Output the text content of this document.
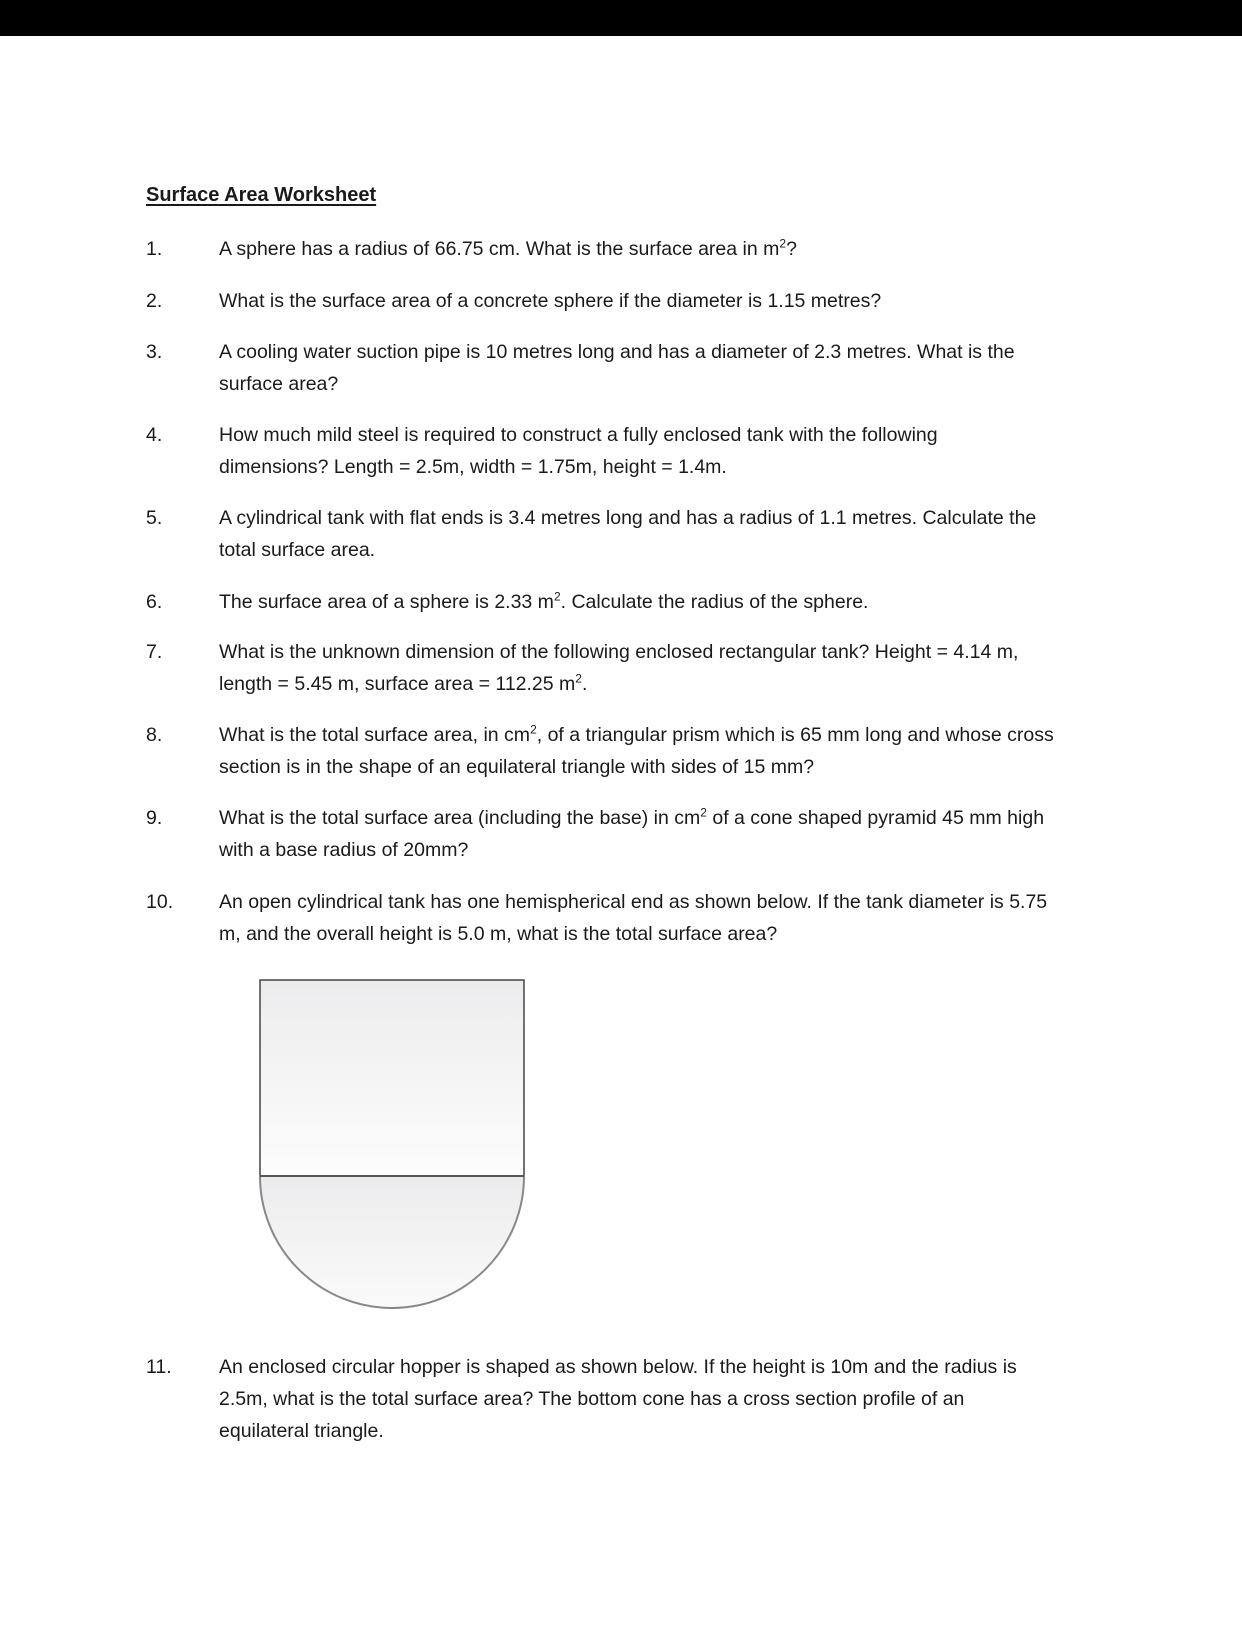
Surface Area Worksheet
1.	A sphere has a radius of 66.75 cm. What is the surface area in $m^2$?
2.	What is the surface area of a concrete sphere if the diameter is 1.15 metres?
3.	A cooling water suction pipe is 10 metres long and has a diameter of 2.3 metres. What is the
surface area?
4.	How much mild steel is required to construct a fully enclosed tank with the following
dimensions? Length = 2.5m, width = 1.75m, height = 1.4m.
5.	A cylindrical tank with flat ends is 3.4 metres long and has a radius of 1.1 metres. Calculate the
total surface area.
6.	The surface area of a sphere is 2.33 $m^2$. Calculate the radius of the sphere.
7.	What is the unknown dimension of the following enclosed rectangular tank? Height = 4.14 m,
length = 5.45 m, surface area = 112.25 $m^2$.
8.	What is the total surface area, in $cm^2$, of a triangular prism which is 65 mm long and whose cross
section is in the shape of an equilateral triangle with sides of 15 mm?
9.	What is the total surface area (including the base) in $cm^2$ of a cone shaped pyramid 45 mm high
with a base radius of 20mm?
10. An open cylindrical tank has one hemispherical end as shown below. If the tank diameter is 5.75
m, and the overall height is 5.0 m, what is the total surface area?
11. An enclosed circular hopper is shaped as shown below. If the height is 10m and the radius is
2.5m, what is the total surface area? The bottom cone has a cross section profile of an
equilateral triangle.
